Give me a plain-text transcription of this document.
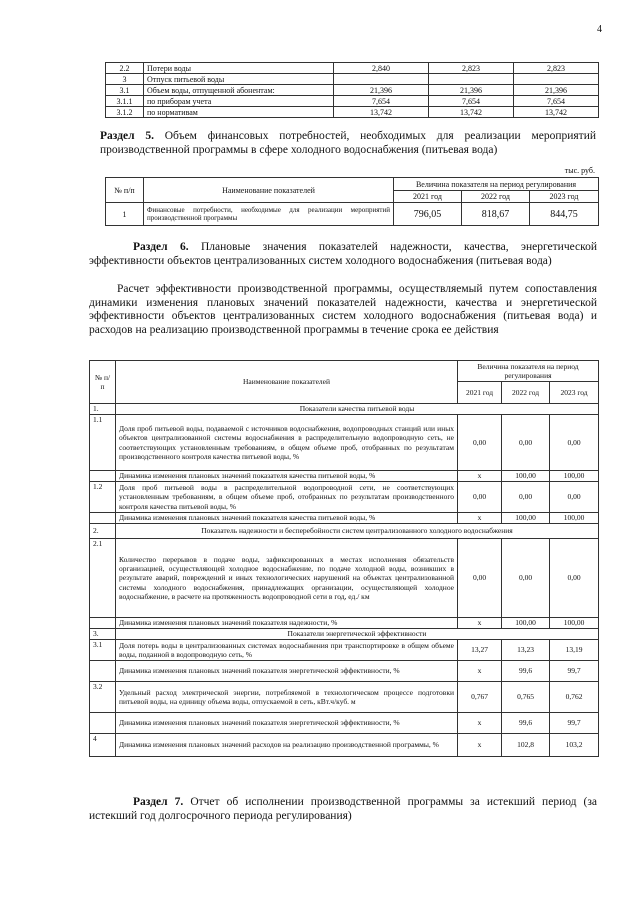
4
2.2	Потери воды	2,840	2,823	2,823
3	Отпуск питьевой воды			
3.1	Объем воды, отпущенной абонентам:	21,396	21,396	21,396
3.1.1	по приборам учета	7,654	7,654	7,654
3.1.2	по нормативам	13,742	13,742	13,742
Раздел 5. Объем финансовых потребностей, необходимых для реализации мероприятий производственной программы в сфере холодного водоснабжения (питьевая вода)
тыс. руб.
№ п/п	Наименование показателей	Величина показателя на период регулирования		
		2021 год	2022 год	2023 год
1	Финансовые потребности, необходимые для реализации мероприятий производственной программы	796,05	818,67	844,75
Раздел 6. Плановые значения показателей надежности, качества, энергетической эффективности объектов централизованных систем холодного водоснабжения (питьевая вода)
Расчет эффективности производственной программы, осуществляемый путем сопоставления динамики изменения плановых значений показателей надежности, качества и энергетической эффективности объектов централизованных систем холодного водоснабжения (питьевая вода) и расходов на реализацию производственной программы в течение срока ее действия
№ п/п	Наименование показателей	Величина показателя на период регулирования		
		2021 год	2022 год	2023 год
1.	Показатели качества питьевой воды			
1.1	Доля проб питьевой воды, подаваемой с источников водоснабжения, водопроводных станций или иных объектов централизованной системы водоснабжения в распределительную водопроводную сеть, не соответствующих установленным требованиям, в общем объеме проб, отобранных по результатам производственного контроля качества питьевой воды, %	0,00	0,00	0,00
	Динамика изменения плановых значений показателя качества питьевой воды, %	х	100,00	100,00
1.2	Доля проб питьевой воды в распределительной водопроводной сети, не соответствующих установленным требованиям, в общем объеме проб, отобранных по результатам производственного контроля качества питьевой воды, %	0,00	0,00	0,00
	Динамика изменения плановых значений показателя качества питьевой воды, %	х	100,00	100,00
2.	Показатель надежности и бесперебойности систем централизованного холодного водоснабжения			
2.1	Количество перерывов в подаче воды, зафиксированных в местах исполнения обязательств организацией, осуществляющей холодное водоснабжение, по подаче холодной воды, возникших в результате аварий, повреждений и иных технологических нарушений на объектах централизованной системы холодного водоснабжения, принадлежащих организации, осуществляющей холодное водоснабжение, в расчете на протяженность водопроводной сети в год, ед./ км	0,00	0,00	0,00
	Динамика изменения плановых значений показателя надежности, %	х	100,00	100,00
3.	Показатели энергетической эффективности			
3.1	Доля потерь воды в централизованных системах водоснабжения при транспортировке в общем объеме воды, поданной в водопроводную сеть, %	13,27	13,23	13,19
	Динамика изменения плановых значений показателя энергетической эффективности, %	х	99,6	99,7
3.2	Удельный расход электрической энергии, потребляемой в технологическом процессе подготовки питьевой воды, на единицу объема воды, отпускаемой в сеть, кВт.ч/куб. м	0,767	0,765	0,762
	Динамика изменения плановых значений показателя энергетической эффективности, %	х	99,6	99,7
4	Динамика изменения плановых значений расходов на реализацию производственной программы, %	х	102,8	103,2
Раздел 7. Отчет об исполнении производственной программы за истекший период (за истекший год долгосрочного периода регулирования)
